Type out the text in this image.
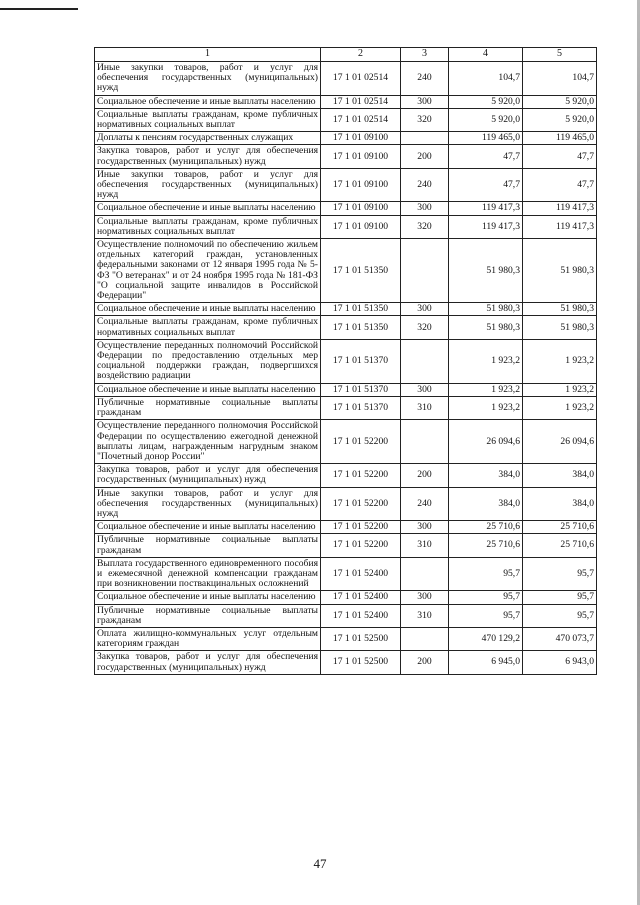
1	2	3	4	5
Иные закупки товаров, работ и услуг для обеспечения государственных (муниципальных) нужд	17 1 01 02514	240	104,7	104,7
Социальное обеспечение и иные выплаты населению	17 1 01 02514	300	5 920,0	5 920,0
Социальные выплаты гражданам, кроме публичных нормативных социальных выплат	17 1 01 02514	320	5 920,0	5 920,0
Доплаты к пенсиям государственных служащих	17 1 01 09100		119 465,0	119 465,0
Закупка товаров, работ и услуг для обеспечения государственных (муниципальных) нужд	17 1 01 09100	200	47,7	47,7
Иные закупки товаров, работ и услуг для обеспечения государственных (муниципальных) нужд	17 1 01 09100	240	47,7	47,7
Социальное обеспечение и иные выплаты населению	17 1 01 09100	300	119 417,3	119 417,3
Социальные выплаты гражданам, кроме публичных нормативных социальных выплат	17 1 01 09100	320	119 417,3	119 417,3
Осуществление полномочий по обеспечению жильем отдельных категорий граждан, установленных федеральными законами от 12 января 1995 года № 5-ФЗ "О ветеранах" и от 24 ноября 1995 года № 181-ФЗ "О социальной защите инвалидов в Российской Федерации"	17 1 01 51350		51 980,3	51 980,3
Социальное обеспечение и иные выплаты населению	17 1 01 51350	300	51 980,3	51 980,3
Социальные выплаты гражданам, кроме публичных нормативных социальных выплат	17 1 01 51350	320	51 980,3	51 980,3
Осуществление переданных полномочий Российской Федерации по предоставлению отдельных мер социальной поддержки граждан, подвергшихся воздействию радиации	17 1 01 51370		1 923,2	1 923,2
Социальное обеспечение и иные выплаты населению	17 1 01 51370	300	1 923,2	1 923,2
Публичные нормативные социальные выплаты гражданам	17 1 01 51370	310	1 923,2	1 923,2
Осуществление переданного полномочия Российской Федерации по осуществлению ежегодной денежной выплаты лицам, награжденным нагрудным знаком "Почетный донор России"	17 1 01 52200		26 094,6	26 094,6
Закупка товаров, работ и услуг для обеспечения государственных (муниципальных) нужд	17 1 01 52200	200	384,0	384,0
Иные закупки товаров, работ и услуг для обеспечения государственных (муниципальных) нужд	17 1 01 52200	240	384,0	384,0
Социальное обеспечение и иные выплаты населению	17 1 01 52200	300	25 710,6	25 710,6
Публичные нормативные социальные выплаты гражданам	17 1 01 52200	310	25 710,6	25 710,6
Выплата государственного единовременного пособия и ежемесячной денежной компенсации гражданам при возникновении поствакцинальных осложнений	17 1 01 52400		95,7	95,7
Социальное обеспечение и иные выплаты населению	17 1 01 52400	300	95,7	95,7
Публичные нормативные социальные выплаты гражданам	17 1 01 52400	310	95,7	95,7
Оплата жилищно-коммунальных услуг отдельным категориям граждан	17 1 01 52500		470 129,2	470 073,7
Закупка товаров, работ и услуг для обеспечения государственных (муниципальных) нужд	17 1 01 52500	200	6 945,0	6 943,0
47
